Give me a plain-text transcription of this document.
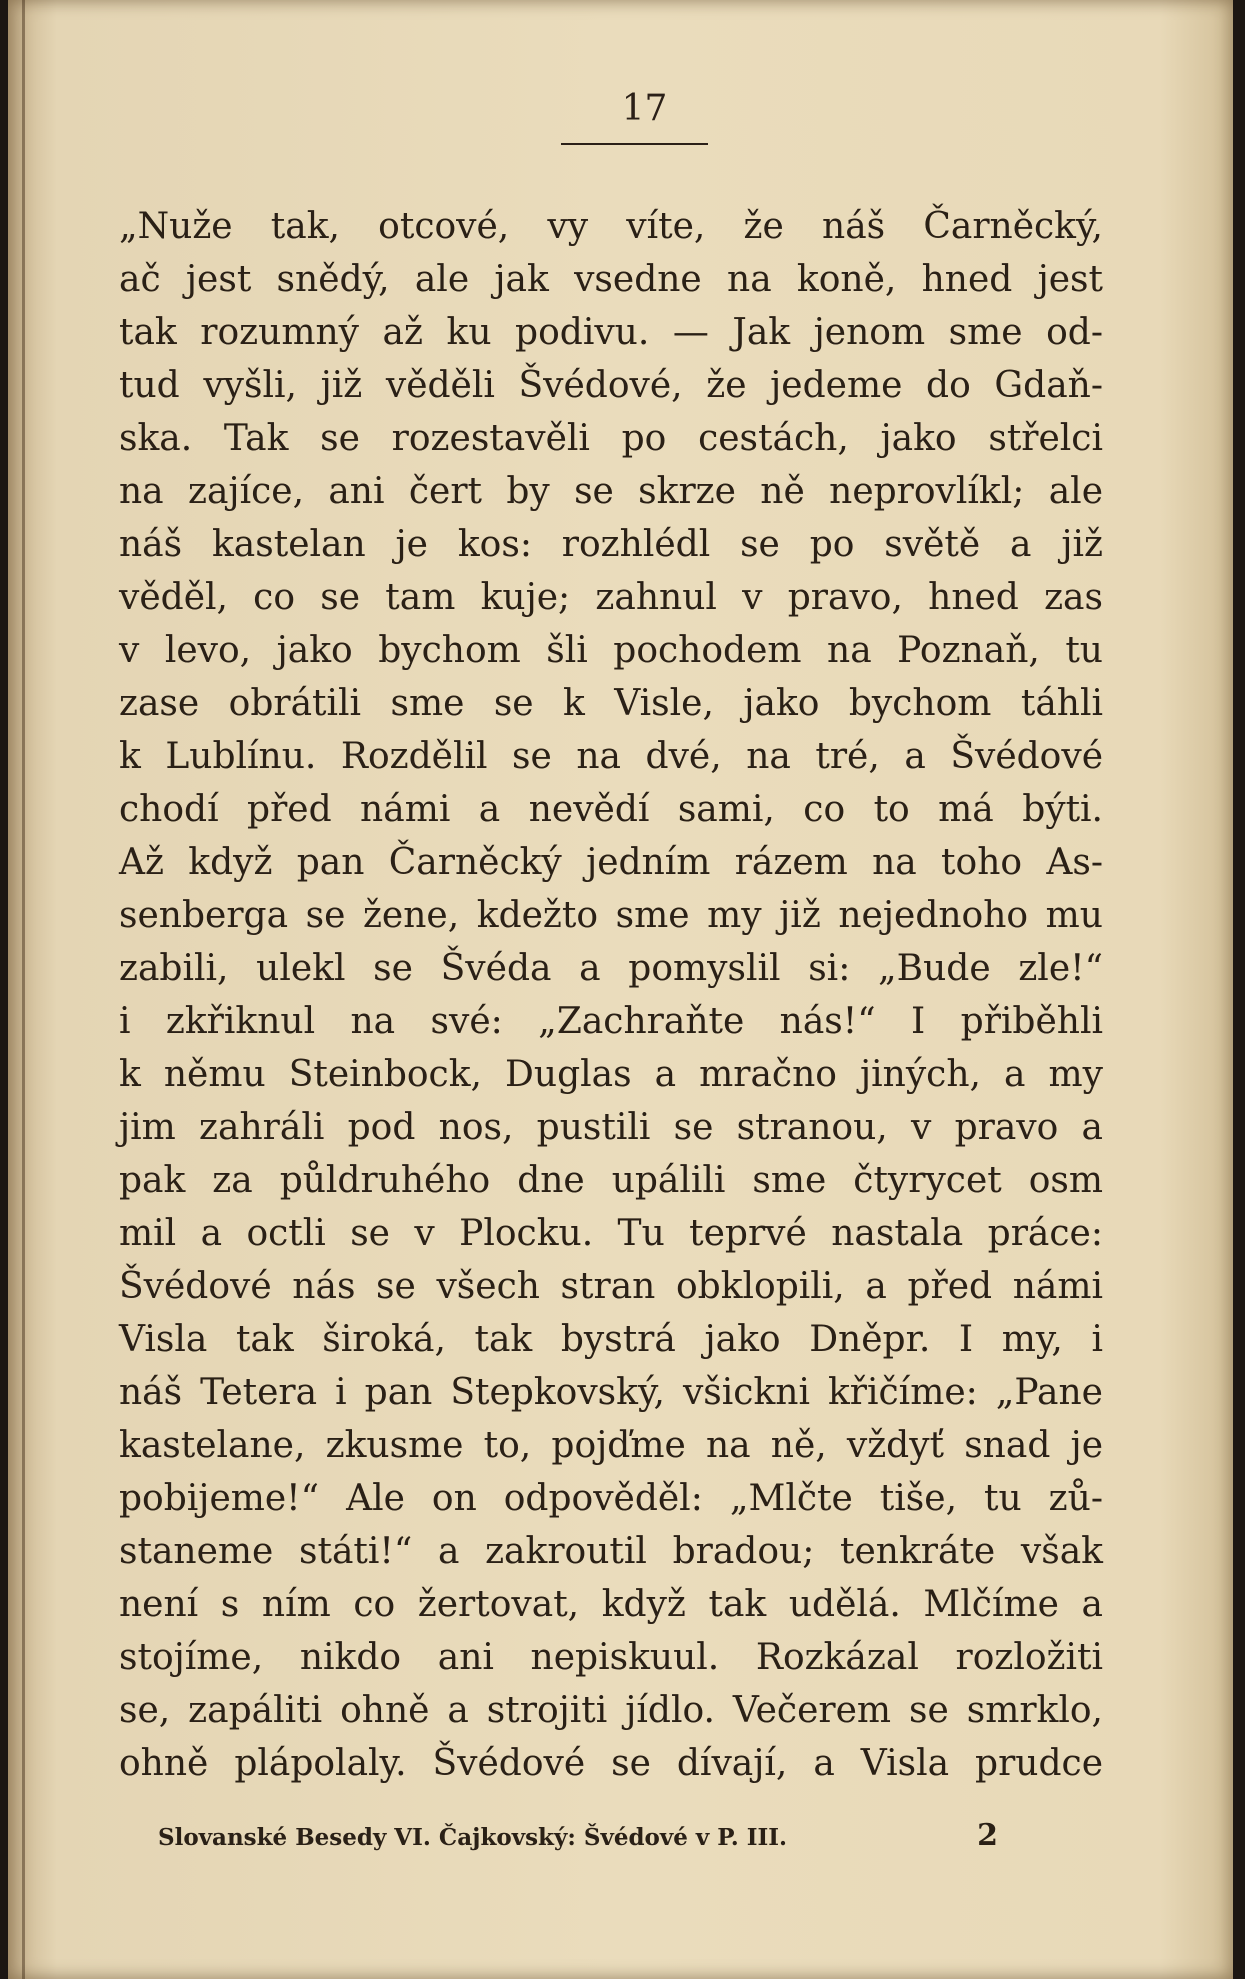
17
„Nuže tak, otcové, vy víte, že náš Čarněcký,
ač jest snědý, ale jak vsedne na koně, hned jest
tak rozumný až ku podivu. — Jak jenom sme od-
tud vyšli, již věděli Švédové, že jedeme do Gdaň-
ska. Tak se rozestavěli po cestách, jako střelci
na zajíce, ani čert by se skrze ně neprovlíkl; ale
náš kastelan je kos: rozhlédl se po světě a již
věděl, co se tam kuje; zahnul v pravo, hned zas
v levo, jako bychom šli pochodem na Poznaň, tu
zase obrátili sme se k Visle, jako bychom táhli
k Lublínu. Rozdělil se na dvé, na tré, a Švédové
chodí před námi a nevědí sami, co to má býti.
Až když pan Čarněcký jedním rázem na toho As-
senberga se žene, kdežto sme my již nejednoho mu
zabili, ulekl se Švéda a pomyslil si: „Bude zle!“
i zkřiknul na své: „Zachraňte nás!“ I přiběhli
k němu Steinbock, Duglas a mračno jiných, a my
jim zahráli pod nos, pustili se stranou, v pravo a
pak za půldruhého dne upálili sme čtyrycet osm
mil a octli se v Plocku. Tu teprvé nastala práce:
Švédové nás se všech stran obklopili, a před námi
Visla tak široká, tak bystrá jako Dněpr. I my, i
náš Tetera i pan Stepkovský, všickni křičíme: „Pane
kastelane, zkusme to, pojďme na ně, vždyť snad je
pobijeme!“ Ale on odpověděl: „Mlčte tiše, tu zů-
staneme státi!“ a zakroutil bradou; tenkráte však
není s ním co žertovat, když tak udělá. Mlčíme a
stojíme, nikdo ani nepiskuul. Rozkázal rozložiti
se, zapáliti ohně a strojiti jídlo. Večerem se smrklo,
ohně plápolaly. Švédové se dívají, a Visla prudce
Slovanské Besedy VI. Čajkovský: Švédové v P. III.	2
